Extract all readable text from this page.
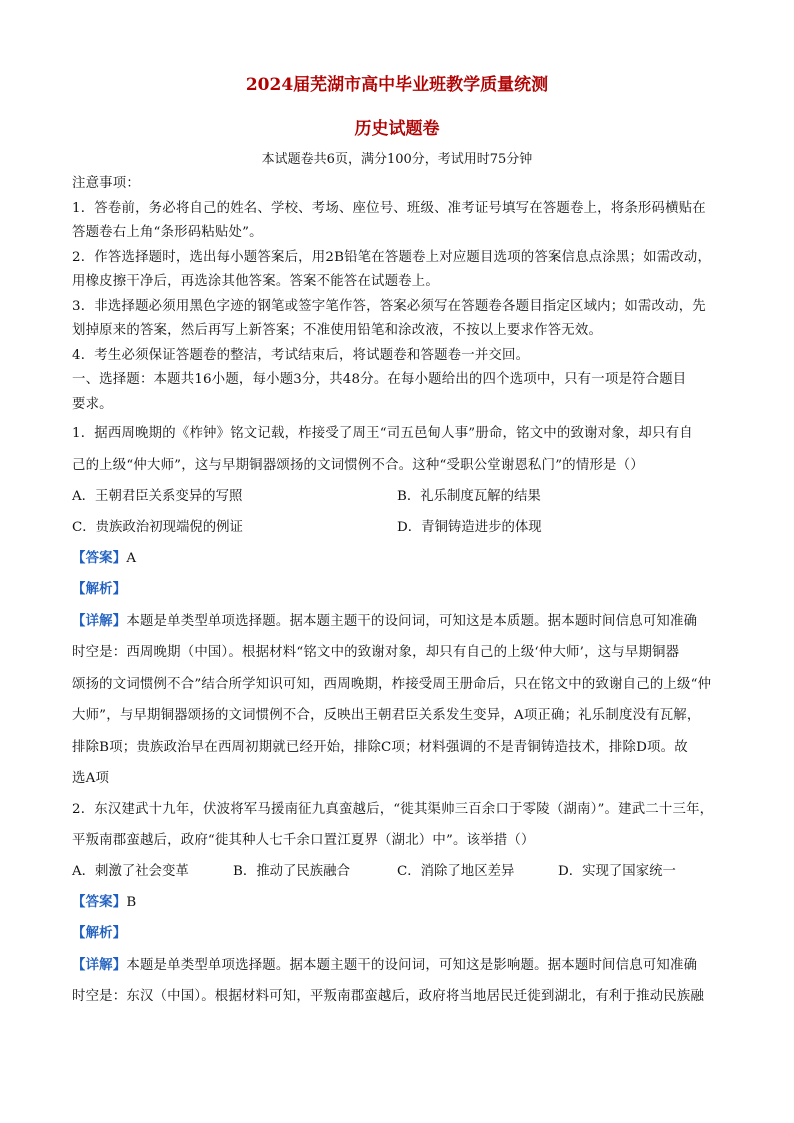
2024届芜湖市高中毕业班教学质量统测
历史试题卷
本试题卷共6页，满分100分，考试用时75分钟
注意事项：
1．答卷前，务必将自己的姓名、学校、考场、座位号、班级、准考证号填写在答题卷上，将条形码横贴在
答题卷右上角“条形码粘贴处”。
2．作答选择题时，选出每小题答案后，用2B铅笔在答题卷上对应题目选项的答案信息点涂黑；如需改动，
用橡皮擦干净后，再选涂其他答案。答案不能答在试题卷上。
3．非选择题必须用黑色字迹的钢笔或签字笔作答，答案必须写在答题卷各题目指定区域内；如需改动，先
划掉原来的答案，然后再写上新答案；不准使用铅笔和涂改液，不按以上要求作答无效。
4．考生必须保证答题卷的整洁，考试结束后，将试题卷和答题卷一并交回。
一、选择题：本题共16小题，每小题3分，共48分。在每小题给出的四个选项中，只有一项是符合题目
要求。
1．据西周晚期的《柞钟》铭文记载，柞接受了周王“司五邑甸人事”册命，铭文中的致谢对象，却只有自
己的上级“仲大师”，这与早期铜器颂扬的文词惯例不合。这种“受职公堂谢恩私门”的情形是（）
A．王朝君臣关系变异的写照	B．礼乐制度瓦解的结果
C．贵族政治初现端倪的例证	D．青铜铸造进步的体现
【答案】A
【解析】
【详解】本题是单类型单项选择题。据本题主题干的设问词，可知这是本质题。据本题时间信息可知准确
时空是：西周晚期（中国）。根据材料“铭文中的致谢对象，却只有自己的上级‘仲大师’，这与早期铜器
颂扬的文词惯例不合”结合所学知识可知，西周晚期，柞接受周王册命后，只在铭文中的致谢自己的上级“仲
大师”，与早期铜器颂扬的文词惯例不合，反映出王朝君臣关系发生变异，A项正确；礼乐制度没有瓦解，
排除B项；贵族政治早在西周初期就已经开始，排除C项；材料强调的不是青铜铸造技术，排除D项。故
选A项
2．东汉建武十九年，伏波将军马援南征九真蛮越后，“徙其渠帅三百余口于零陵（湖南）”。建武二十三年，
平叛南郡蛮越后，政府“徙其种人七千余口置江夏界（湖北）中”。该举措（）
A．刺激了社会变革	B．推动了民族融合	C．消除了地区差异	D．实现了国家统一
【答案】B
【解析】
【详解】本题是单类型单项选择题。据本题主题干的设问词，可知这是影响题。据本题时间信息可知准确
时空是：东汉（中国）。根据材料可知，平叛南郡蛮越后，政府将当地居民迁徙到湖北，有利于推动民族融
